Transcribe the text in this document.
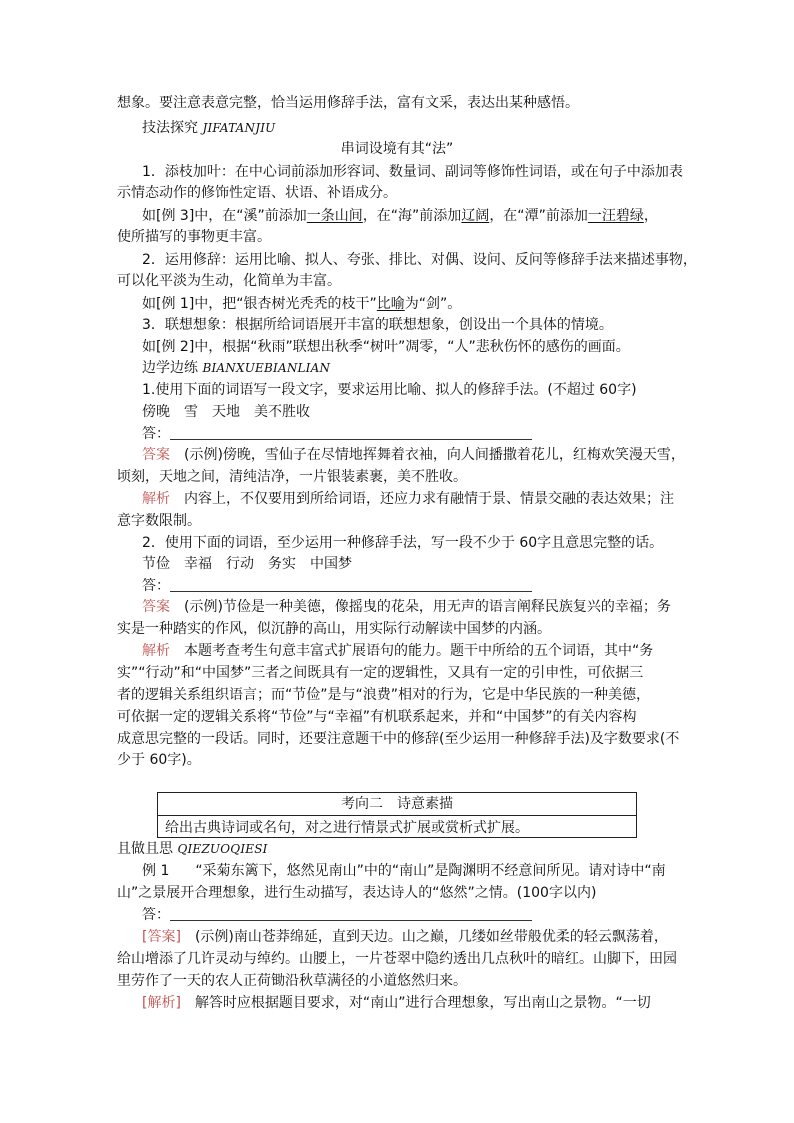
想象。要注意表意完整，恰当运用修辞手法，富有文采，表达出某种感悟。
技法探究 JIFATANJIU
串词设境有其“法”
1．添枝加叶：在中心词前添加形容词、数量词、副词等修饰性词语，或在句子中添加表
示情态动作的修饰性定语、状语、补语成分。
如[例 3]中，在“溪”前添加一条山间，在“海”前添加辽阔，在“潭”前添加一汪碧绿，
使所描写的事物更丰富。
2．运用修辞：运用比喻、拟人、夸张、排比、对偶、设问、反问等修辞手法来描述事物，
可以化平淡为生动，化简单为丰富。
如[例 1]中，把“银杏树光秃秃的枝干”比喻为“剑”。
3．联想想象：根据所给词语展开丰富的联想想象，创设出一个具体的情境。
如[例 2]中，根据“秋雨”联想出秋季“树叶”凋零，“人”悲秋伤怀的感伤的画面。
边学边练 BIANXUEBIANLIAN
1.使用下面的词语写一段文字，要求运用比喻、拟人的修辞手法。(不超过 60字)
傍晚 雪 天地 美不胜收
答：
答案　 (示例)傍晚，雪仙子在尽情地挥舞着衣袖，向人间播撒着花儿，红梅欢笑漫天雪，
顷刻，天地之间，清纯洁净，一片银装素裹，美不胜收。
解析　 内容上，不仅要用到所给词语，还应力求有融情于景、情景交融的表达效果；注
意字数限制。
2．使用下面的词语，至少运用一种修辞手法，写一段不少于 60字且意思完整的话。
节俭 幸福 行动 务实 中国梦
答：
答案　 (示例)节俭是一种美德，像摇曳的花朵，用无声的语言阐释民族复兴的幸福；务
实是一种踏实的作风，似沉静的高山，用实际行动解读中国梦的内涵。
解析　 本题考查考生句意丰富式扩展语句的能力。题干中所给的五个词语，其中“务
实”“行动”和“中国梦”三者之间既具有一定的逻辑性，又具有一定的引申性，可依据三
者的逻辑关系组织语言；而“节俭”是与“浪费”相对的行为，它是中华民族的一种美德，
可依据一定的逻辑关系将“节俭”与“幸福”有机联系起来，并和“中国梦”的有关内容构
成意思完整的一段话。同时，还要注意题干中的修辞(至少运用一种修辞手法)及字数要求(不
少于 60字)。
考向二　诗意素描
给出古典诗词或名句，对之进行情景式扩展或赏析式扩展。
且做且思 QIEZUOQIESI
例 1 “采菊东篱下，悠然见南山”中的“南山”是陶渊明不经意间所见。请对诗中“南
山”之景展开合理想象，进行生动描写，表达诗人的“悠然”之情。(100字以内)
答：
[答案]　 (示例)南山苍莽绵延，直到天边。山之巅，几缕如丝带般优柔的轻云飘荡着，
给山增添了几许灵动与绰约。山腰上，一片苍翠中隐约透出几点秋叶的暗红。山脚下，田园
里劳作了一天的农人正荷锄沿秋草满径的小道悠然归来。
[解析]　 解答时应根据题目要求，对“南山”进行合理想象，写出南山之景物。“一切
